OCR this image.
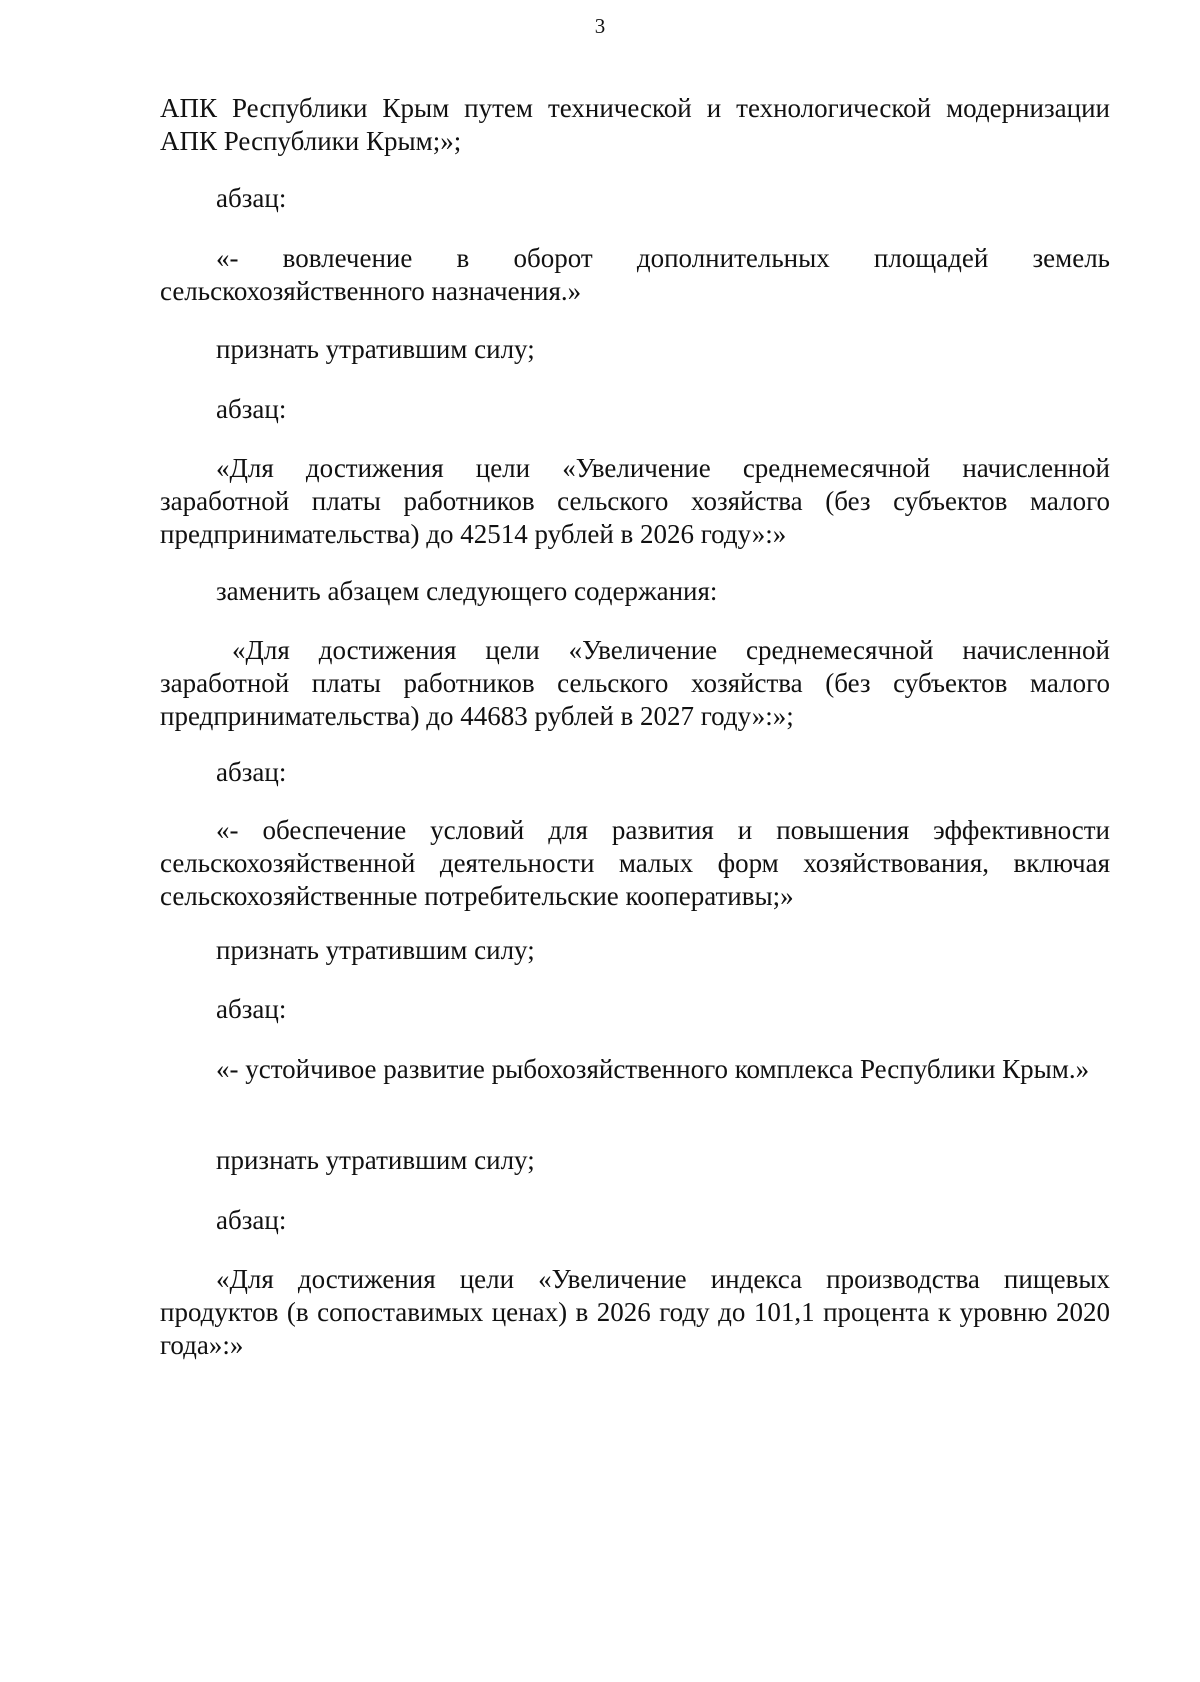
3

АПК Республики Крым путем технической и технологической модернизации АПК Республики Крым;»;

абзац:

«- вовлечение в оборот дополнительных площадей земель сельскохозяйственного назначения.»

признать утратившим силу;

абзац:

«Для достижения цели «Увеличение среднемесячной начисленной заработной платы работников сельского хозяйства (без субъектов малого предпринимательства) до 42514 рублей в 2026 году»:»

заменить абзацем следующего содержания:

«Для достижения цели «Увеличение среднемесячной начисленной заработной платы работников сельского хозяйства (без субъектов малого предпринимательства) до 44683 рублей в 2027 году»:»;

абзац:

«- обеспечение условий для развития и повышения эффективности сельскохозяйственной деятельности малых форм хозяйствования, включая сельскохозяйственные потребительские кооперативы;»

признать утратившим силу;

абзац:

«- устойчивое развитие рыбохозяйственного комплекса Республики Крым.»

признать утратившим силу;

абзац:

«Для достижения цели «Увеличение индекса производства пищевых продуктов (в сопоставимых ценах) в 2026 году до 101,1 процента к уровню 2020 года»:»
